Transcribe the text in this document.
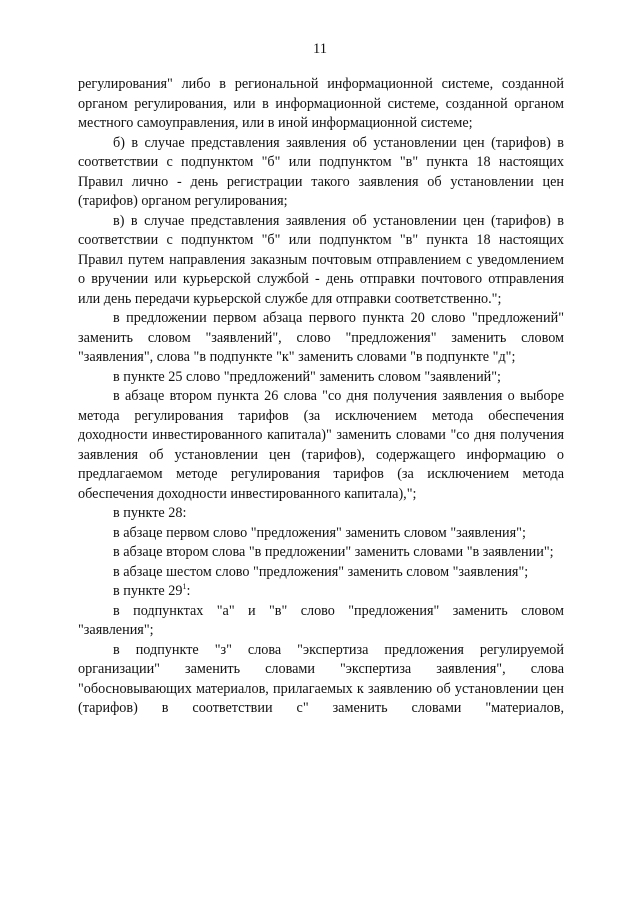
11

регулирования" либо в региональной информационной системе, созданной органом регулирования, или в информационной системе, созданной органом местного самоуправления, или в иной информационной системе;

б) в случае представления заявления об установлении цен (тарифов) в соответствии с подпунктом "б" или подпунктом "в" пункта 18 настоящих Правил лично - день регистрации такого заявления об установлении цен (тарифов) органом регулирования;

в) в случае представления заявления об установлении цен (тарифов) в соответствии с подпунктом "б" или подпунктом "в" пункта 18 настоящих Правил путем направления заказным почтовым отправлением с уведомлением о вручении или курьерской службой - день отправки почтового отправления или день передачи курьерской службе для отправки соответственно.";

в предложении первом абзаца первого пункта 20 слово "предложений" заменить словом "заявлений", слово "предложения" заменить словом "заявления", слова "в подпункте "к" заменить словами "в подпункте "д";

в пункте 25 слово "предложений" заменить словом "заявлений";

в абзаце втором пункта 26 слова "со дня получения заявления о выборе метода регулирования тарифов (за исключением метода обеспечения доходности инвестированного капитала)" заменить словами "со дня получения заявления об установлении цен (тарифов), содержащего информацию о предлагаемом методе регулирования тарифов (за исключением метода обеспечения доходности инвестированного капитала),";

в пункте 28:

в абзаце первом слово "предложения" заменить словом "заявления";

в абзаце втором слова "в предложении" заменить словами "в заявлении";

в абзаце шестом слово "предложения" заменить словом "заявления";

в пункте $29^1$:

в подпунктах "а" и "в" слово "предложения" заменить словом "заявления";

в подпункте "з" слова "экспертиза предложения регулируемой организации" заменить словами "экспертиза заявления", слова "обосновывающих материалов, прилагаемых к заявлению об установлении цен (тарифов) в соответствии с" заменить словами "материалов,
